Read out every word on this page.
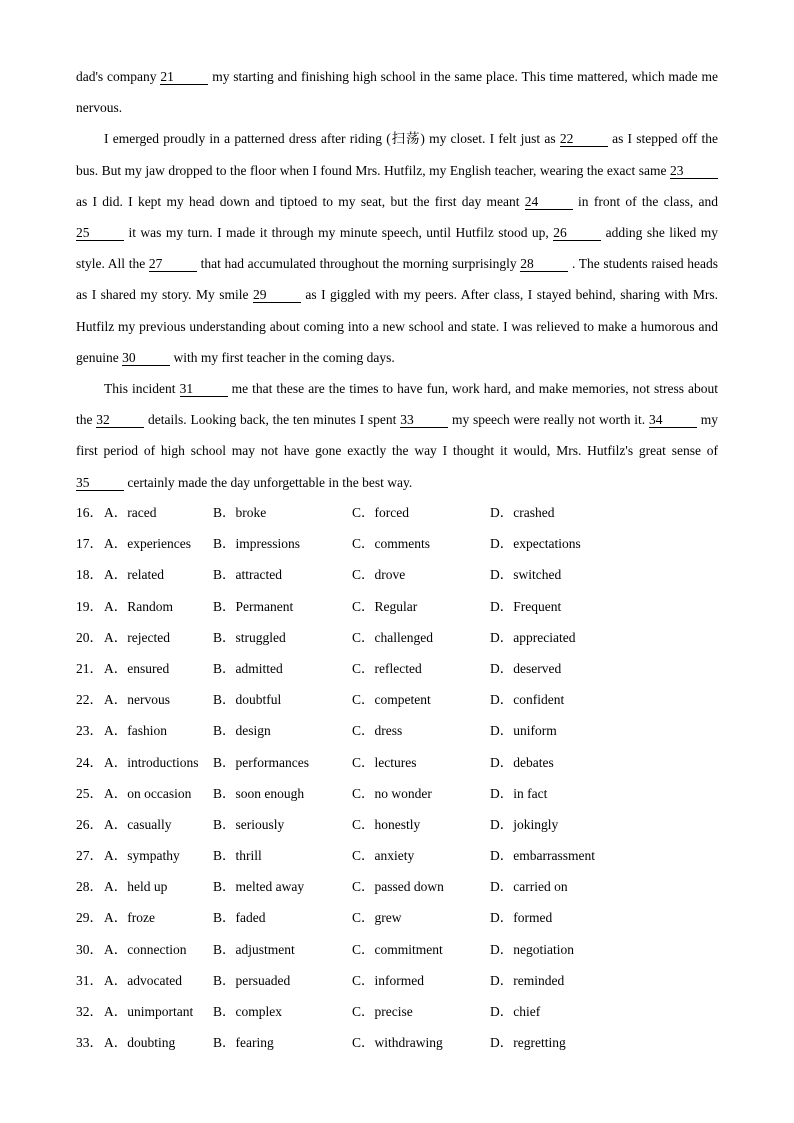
dad's company 21	my starting and finishing high school in the same place. This time mattered, which made me nervous.

I emerged proudly in a patterned dress after riding (扫荡) my closet. I felt just as 22	as I stepped off the bus. But my jaw dropped to the floor when I found Mrs. Hutfilz, my English teacher, wearing the exact same 23 as I did. I kept my head down and tiptoed to my seat, but the first day meant 24	in front of the class, and 25	it was my turn. I made it through my minute speech, until Hutfilz stood up, 26	adding she liked my style. All the 27	that had accumulated throughout the morning surprisingly 28	. The students raised heads as I shared my story. My smile 29	as I giggled with my peers. After class, I stayed behind, sharing with Mrs. Hutfilz my previous understanding about coming into a new school and state. I was relieved to make a humorous and genuine 30	with my first teacher in the coming days.

This incident 31	me that these are the times to have fun, work hard, and make memories, not stress about the 32	details. Looking back, the ten minutes I spent 33	my speech were really not worth it. 34	my first period of high school may not have gone exactly the way I thought it would, Mrs. Hutfilz's great sense of 35	certainly made the day unforgettable in the best way.

16． A．raced	B．broke	C．forced	D．crashed
17． A．experiences B．impressions	C．comments	D．expectations
18． A．related	B．attracted	C．drove	D．switched
19． A．Random	B．Permanent	C．Regular	D．Frequent
20． A．rejected	B．struggled	C．challenged	D．appreciated
21． A．ensured	B．admitted	C．reflected	D．deserved
22． A．nervous	B．doubtful	C．competent	D．confident
23． A．fashion	B．design	C．dress	D．uniform
24． A．introductions B．performances	C．lectures	D．debates
25． A．on occasion B．soon enough	C．no wonder	D．in fact
26． A．casually	B．seriously	C．honestly	D．jokingly
27． A．sympathy B．thrill	C．anxiety	D．embarrassment
28． A．held up	B．melted away	C．passed down	D．carried on
29． A．froze	B．faded	C．grew	D．formed
30． A．connection B．adjustment	C．commitment	D．negotiation
31． A．advocated B．persuaded	C．informed	D．reminded
32． A．unimportant B．complex	C．precise	D．chief
33． A．doubting	B．fearing	C．withdrawing	D．regretting
